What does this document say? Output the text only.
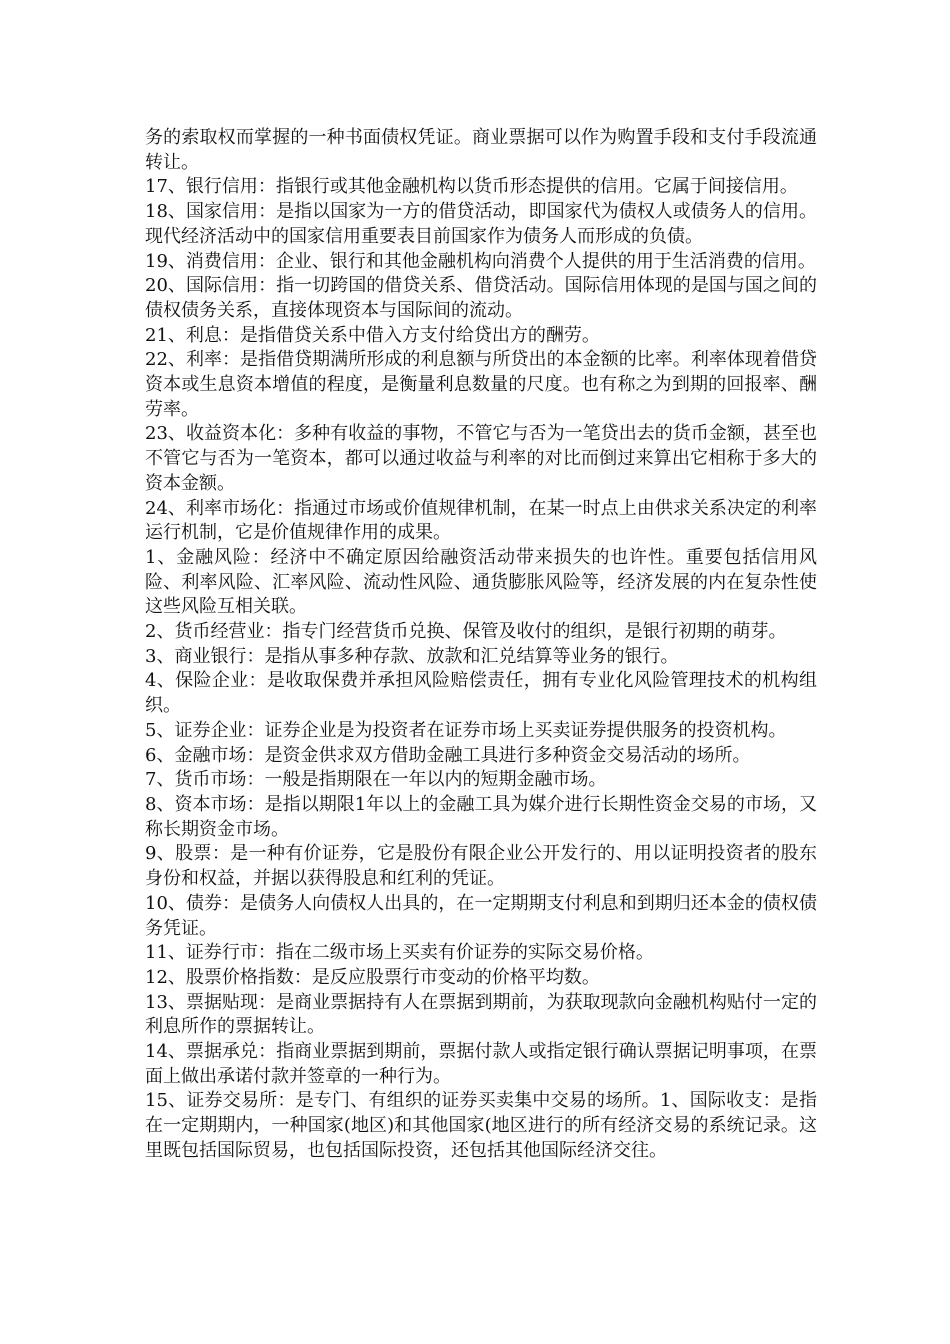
务的索取权而掌握的一种书面债权凭证。商业票据可以作为购置手段和支付手段流通转让。

17、银行信用：指银行或其他金融机构以货币形态提供的信用。它属于间接信用。

18、国家信用：是指以国家为一方的借贷活动，即国家代为债权人或债务人的信用。现代经济活动中的国家信用重要表目前国家作为债务人而形成的负债。

19、消费信用：企业、银行和其他金融机构向消费个人提供的用于生活消费的信用。

20、国际信用：指一切跨国的借贷关系、借贷活动。国际信用体现的是国与国之间的债权债务关系，直接体现资本与国际间的流动。

21、利息：是指借贷关系中借入方支付给贷出方的酬劳。

22、利率：是指借贷期满所形成的利息额与所贷出的本金额的比率。利率体现着借贷资本或生息资本增值的程度，是衡量利息数量的尺度。也有称之为到期的回报率、酬劳率。

23、收益资本化：多种有收益的事物，不管它与否为一笔贷出去的货币金额，甚至也不管它与否为一笔资本，都可以通过收益与利率的对比而倒过来算出它相称于多大的资本金额。

24、利率市场化：指通过市场或价值规律机制，在某一时点上由供求关系决定的利率运行机制，它是价值规律作用的成果。

1、金融风险：经济中不确定原因给融资活动带来损失的也许性。重要包括信用风险、利率风险、汇率风险、流动性风险、通货膨胀风险等，经济发展的内在复杂性使这些风险互相关联。

2、货币经营业：指专门经营货币兑换、保管及收付的组织，是银行初期的萌芽。

3、商业银行：是指从事多种存款、放款和汇兑结算等业务的银行。

4、保险企业：是收取保费并承担风险赔偿责任，拥有专业化风险管理技术的机构组织。

5、证券企业：证券企业是为投资者在证券市场上买卖证券提供服务的投资机构。

6、金融市场：是资金供求双方借助金融工具进行多种资金交易活动的场所。

7、货币市场：一般是指期限在一年以内的短期金融市场。

8、资本市场：是指以期限1年以上的金融工具为媒介进行长期性资金交易的市场，又称长期资金市场。

9、股票：是一种有价证券，它是股份有限企业公开发行的、用以证明投资者的股东身份和权益，并据以获得股息和红利的凭证。

10、债券：是债务人向债权人出具的，在一定期期支付利息和到期归还本金的债权债务凭证。

11、证券行市：指在二级市场上买卖有价证券的实际交易价格。

12、股票价格指数：是反应股票行市变动的价格平均数。

13、票据贴现：是商业票据持有人在票据到期前，为获取现款向金融机构贴付一定的利息所作的票据转让。

14、票据承兑：指商业票据到期前，票据付款人或指定银行确认票据记明事项，在票面上做出承诺付款并签章的一种行为。

15、证券交易所：是专门、有组织的证券买卖集中交易的场所。1、国际收支：是指在一定期期内，一种国家(地区)和其他国家(地区进行的所有经济交易的系统记录。这里既包括国际贸易，也包括国际投资，还包括其他国际经济交往。
